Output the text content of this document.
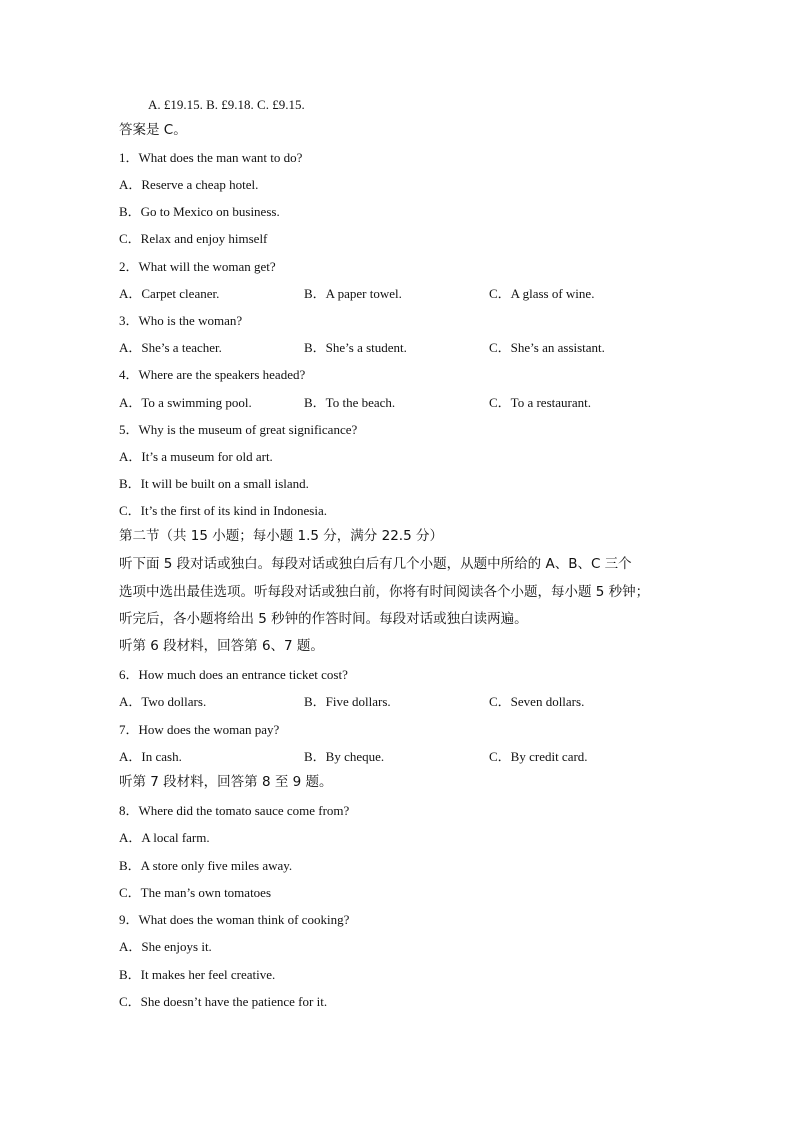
A. £19.15. B. £9.18. C. £9.15.
答案是 C。
1．What does the man want to do?
A．Reserve a cheap hotel.
B．Go to Mexico on business.
C．Relax and enjoy himself
2．What will the woman get?
A．Carpet cleaner.	B．A paper towel.	C．A glass of wine.
3．Who is the woman?
A．She’s a teacher.	B．She’s a student.	C．She’s an assistant.
4．Where are the speakers headed?
A．To a swimming pool.	B．To the beach.	C．To a restaurant.
5．Why is the museum of great significance?
A．It’s a museum for old art.
B．It will be built on a small island.
C．It’s the first of its kind in Indonesia.
第二节（共 15 小题；每小题 1.5 分，满分 22.5 分）
听下面 5 段对话或独白。每段对话或独白后有几个小题，从题中所给的 A、B、C 三个
选项中选出最佳选项。听每段对话或独白前，你将有时间阅读各个小题，每小题 5 秒钟；
听完后，各小题将给出 5 秒钟的作答时间。每段对话或独白读两遍。
听第 6 段材料，回答第 6、7 题。
6．How much does an entrance ticket cost?
A．Two dollars.	B．Five dollars.	C．Seven dollars.
7．How does the woman pay?
A．In cash.	B．By cheque.	C．By credit card.
听第 7 段材料，回答第 8 至 9 题。
8．Where did the tomato sauce come from?
A．A local farm.
B．A store only five miles away.
C．The man’s own tomatoes
9．What does the woman think of cooking?
A．She enjoys it.
B．It makes her feel creative.
C．She doesn’t have the patience for it.
